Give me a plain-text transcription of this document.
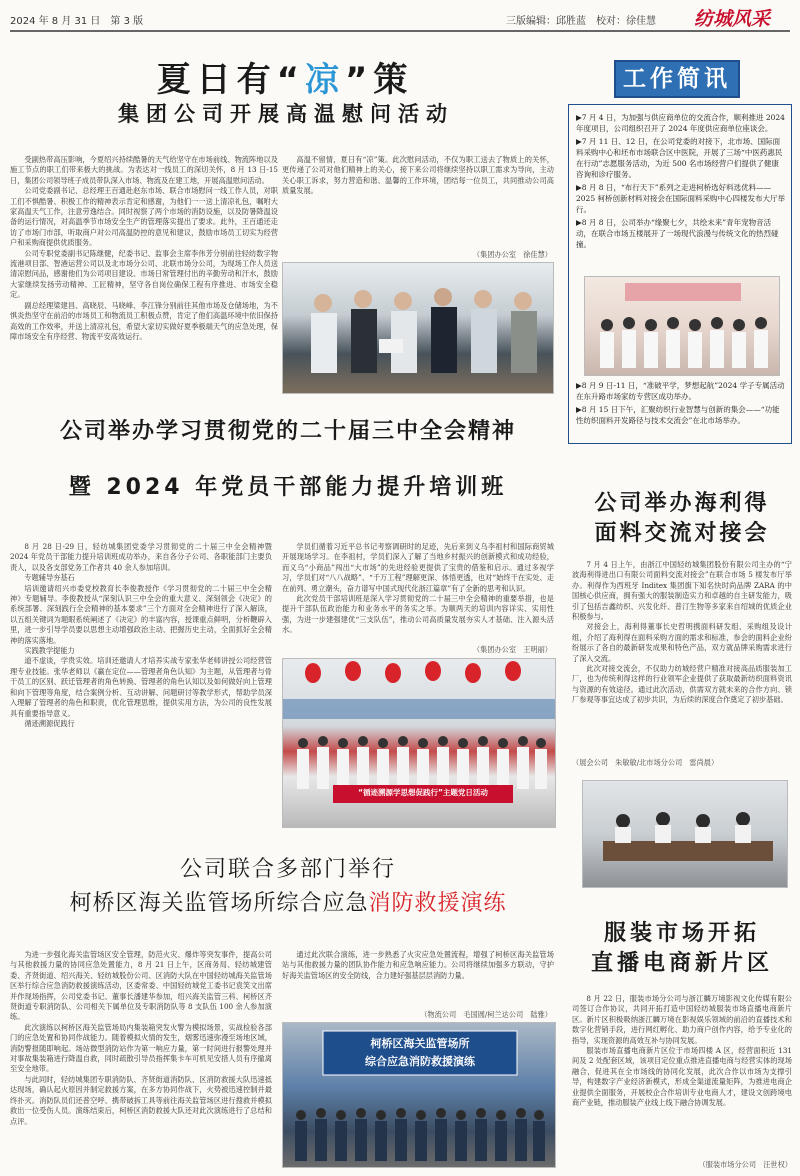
2024 年 8 月 31 日　第 3 版	三版编辑：邱胜蓝　校对：徐佳慧 纺城风采
夏日有“凉”策
集团公司开展高温慰问活动

受副热带高压影响，今夏绍兴持续酷暑的天气给坚守在市场前线、物流阵地以及施工节点的职工们带来极大的挑战。为表达对一线员工的深切关怀，8 月 13 日-15 日，集团公司领导班子成员带队深入市场、物流及在建工地，开展高温慰问活动。

公司党委副书记、总经理王百通赴赵东市场、联合市场慰问一线工作人员，对职工们不惧酷暑、积极工作的精神表示肯定和感谢，为他们一一送上清凉礼包，嘱咐大家高温天气工作，注意劳逸结合。同时视察了两个市场的消防设施，以及防暑降温设备的运行情况，对高温季节市场安全生产的管理落实提出了要求。此外，王百通还走访了市场门市部，听取商户对公司高温防控的意见和建议，鼓励市场员工切实为经营户和采购商提供优质服务。

公司专职党委副书记陈继健，纪委书记、监事会主席李伟芳分别前往轻纺数字物流港项目部、智港运营公司以及北市场分公司、北联市场分公司，为现场工作人员送清凉慰问品，感谢他们为公司项目建设、市场日常管理付出的辛勤劳动和汗水，鼓励大家继续发扬劳动精神、工匠精神，坚守各自岗位确保工程有序推进、市场安全稳定。

副总经理梁建昌、高晓辰、马晓峰、李江锋分别前往其他市场及仓储场地，为不惧炎热坚守在前沿的市场员工和物流员工积极点赞，肯定了他们高温环境中依旧保持高效的工作效率，并送上清凉礼包，希望大家切实做好夏季极端天气的应急处理，保障市场安全有序经营、物流平安高效运行。

高温不留情，夏日有“凉”策。此次慰问活动，不仅为职工送去了物质上的关怀，更传递了公司对他们精神上的关心，接下来公司将继续坚持以职工需求为导向，主动关心职工诉求，努力营造和谐、温馨的工作环境，团结每一位员工，共同推动公司高质量发展。

（集团办公室　徐佳慧）
工作简讯
▶7 月 4 日，为加强与供应商单位的交流合作，顺利推进 2024 年度项目，公司组织召开了 2024 年度供应商单位座谈会。
▶7 月 11 日、12 日，在公司党委的对接下，北市场、国际面料采购中心和坯布市场联合区中医院，开展了三场“中医药惠民在行动”志愿服务活动，为近 500 名市场经营户们提供了健康咨询和诊疗服务。
▶8 月 8 日，“布行天下”系列之走进柯桥选好料选优料——2025 柯桥创新材料对接会在国际面料采购中心四楼发布大厅举行。
▶8 月 8 日，公司举办“缘聚七夕，共绘未来”青年宠物音活动，在联合市场五楼展开了一场现代浪漫与传统文化的热烈碰撞。
▶8 月 9 日-11 日，“准破平学，梦想起航”2024 学子专属活动在东升路市场家纺专营区成功举办。
▶8 月 15 日下午，汇聚纺织行业智慧与创新的集会——“功能性纺织面料开发路径与技术交流会”在北市场举办。
公司举办学习贯彻党的二十届三中全会精神
暨 2024 年党员干部能力提升培训班

8 月 28 日-29 日，轻纺城集团党委学习贯彻党的二十届三中全会精神暨 2024 年党员干部能力提升培训班成功举办，来自各分子公司、各职能部门主要负责人，以及各支部党务工作者共 40 余人参加培训。

专题辅导夯基石

培训邀请绍兴市委党校教育长李俊教授作《学习贯彻党的二十届三中全会精神》专题辅导。李俊教授从“深刻认识三中全会的重大意义、深刻领会《决定》的系统部署、深刻践行全会精神的基本要求”三个方面对全会精神进行了深入解读，以五组关键词为题眼系统阐述了《决定》的丰富内容，授课重点鲜明，分析鞭辟入里，进一步引导学员要以思想主动增强政治主动、把握历史主动，全面抓好全会精神的落实落地。

实践教学提能力

道不虚谈，学贵实效。培训还邀请人才培养实战专家张华老师讲授公司经营管理专业技能。张华老师以《赢在定位——管理者角色认知》为主题，从管理者与骨干员工的区别、跃迁管理者的角色转换、管理者的角色认知以及如何做好向上管理和向下管理等角度，结合案例分析、互动讲解、问题研讨等教学形式，帮助学员深入理解了管理者的角色和职责，优化管理思维，提供实用方法，为公司的良性发展具有重要指导意义。

循迹溯源促践行

学员们循着习近平总书记考察调研时的足迹，先后来到义乌李祖村和国际商贸城开展现场学习。在李祖村，学员们深入了解了当地乡村振兴的创新模式和成功经验，而义乌“小商品”闯出“大市场”的先进经验更提供了宝贵的借鉴和启示。通过多视学习，学员们对“八八战略”、“千万工程”理解更深、体悟更透，也对“始终干在实处、走在前列、勇立潮头，奋力谱写中国式现代化浙江篇章”有了全新的思考和认识。

此次党员干部培训班是深入学习贯彻党的二十届三中全会精神的重要举措，也是提升干部队伍政治能力和业务水平的务实之举。为顺两天的培训内容详实、实用性强，为进一步建强建优“三支队伍”，推动公司高质量发展夯实人才基础、注入源头活水。

（集团办公室　王明丽）
“循迹溯源学思想促践行”主题党日活动
公司举办海利得
面料交流对接会

7 月 4 日上午，由浙江中国轻纺城集团股份有限公司主办的“宁波海利得进出口有限公司面料交流对接会”在联合市场 5 楼发布厅举办。利得作为西班牙 Inditex 集团旗下知名快时尚品牌 ZARA 的中国核心供应商，拥有强大的服装制造实力和卓越的自主研发能力，吸引了包括吉鑫纺织、兴发化纤、普汀生物等多家来自绍城的优质企业积极参与。

对接会上，海利得董事长史哲明携面料研发组、采购组及设计组，介绍了海利得在面料采购方面的需求和标准，参会的面料企业纷纷展示了各自的最新研发成果和特色产品，双方就品牌采购需求进行了深入交流。

此次对接交流会，不仅助力纺城经营户精准对接高品质服装加工厂，也为传统利得这样的行业领军企业提供了获取最新纺织面料资讯与资源的有效途径。通过此次活动，供需双方就未来的合作方向、锁厂参观等事宜达成了初步共识，为后续的深度合作奠定了初步基础。

（展会公司　朱敏敏/北市场分公司　雷尚晨）
公司联合多部门举行
柯桥区海关监管场所综合应急消防救援演练

为进一步强化海关监管场区安全管理，防范火灾、爆炸等突发事件，提高公司与其他救援力量的协同应急处置能力，8 月 21 日上午，区商务局、轻纺城建管委、齐贤街道、绍兴海关、轻纺城股份公司、区消防大队在中国轻纺城海关监管场区举行综合应急消防救援演练活动，区委常委、中国轻纺城党工委书记袁笑文出席并作现场指挥，公司党委书记、董事长潘建华参加，绍兴海关监管三科、柯桥区齐贤街道专职消防队、公司相关下属单位及专职消防队等 8 支队伍 100 余人参加演练。

此次演练以柯桥区海关监管场局内集装箱突发火警为模拟场景，实战检验各部门的应急处置和协同作战能力。随着模拟火情的发生，烟雾迅速弥漫至场地区域，消防警报随即响起。场站微型消防站作为第一响应力量，第一时间进行报警处理并对事故集装箱进行降温自救，同时疏散引导员指挥集卡车可机见安措人员有序撤离至安全地带。

与此同时，轻纺城集团专职消防队、齐贤街道消防队、区消防救援大队迅速抵达现场，确认起火原因并制定救援方案，在多方协同作战下，火势被迅速控制并最终扑灭。消防队员们还普空呼、携带破拆工具等前往海关监管场区进行搜救并模拟救出一位受伤人员。演练结束后，柯桥区消防救援大队还对此次演练进行了总结和点评。

通过此次联合演练，进一步熟悉了火灾应急处置流程，增强了柯桥区海关监管场站与其他救援力量的团队协作能力和应急响应能力。公司将继续加强多方联动，守护好海关监管场区的安全防线，合力建好强基层层消防力量。

（物流公司　毛国圆/柯兰达公司　陆雅）
柯桥区海关监管场所
综合应急消防救援演练
服装市场开拓
直播电商新片区

8 月 22 日，服装市场分公司与浙江麟万境影视文化传媒有限公司签订合作协议，共同开拓打造中国轻纺城服装市场直播电商新片区。新片区积极吸纳浙江麟万境在影视娱乐领域的前沿的直播技术和数字化营销手段，进行网红孵化、助力商户创作内容，给予专业化的指导，实现资源的高效互补与协同发展。

服装市场直播电商新片区位于市场四楼 A 区，经营面积近 131 间及 2 处配套区域，该项目定位重点推进直播电商与经营实体的现场融合，促进其在全市场线的协同化发展，此次合作以市场为支撑引导，构建数字产业经济新模式，形成全渠道流量矩阵，为推进电商企业提供全面服务，开展校企合作培训专业电商人才，建设文创跨境电商产业链，推动服装产业线上线下融合协调发展。

（服装市场分公司　汪世权）
